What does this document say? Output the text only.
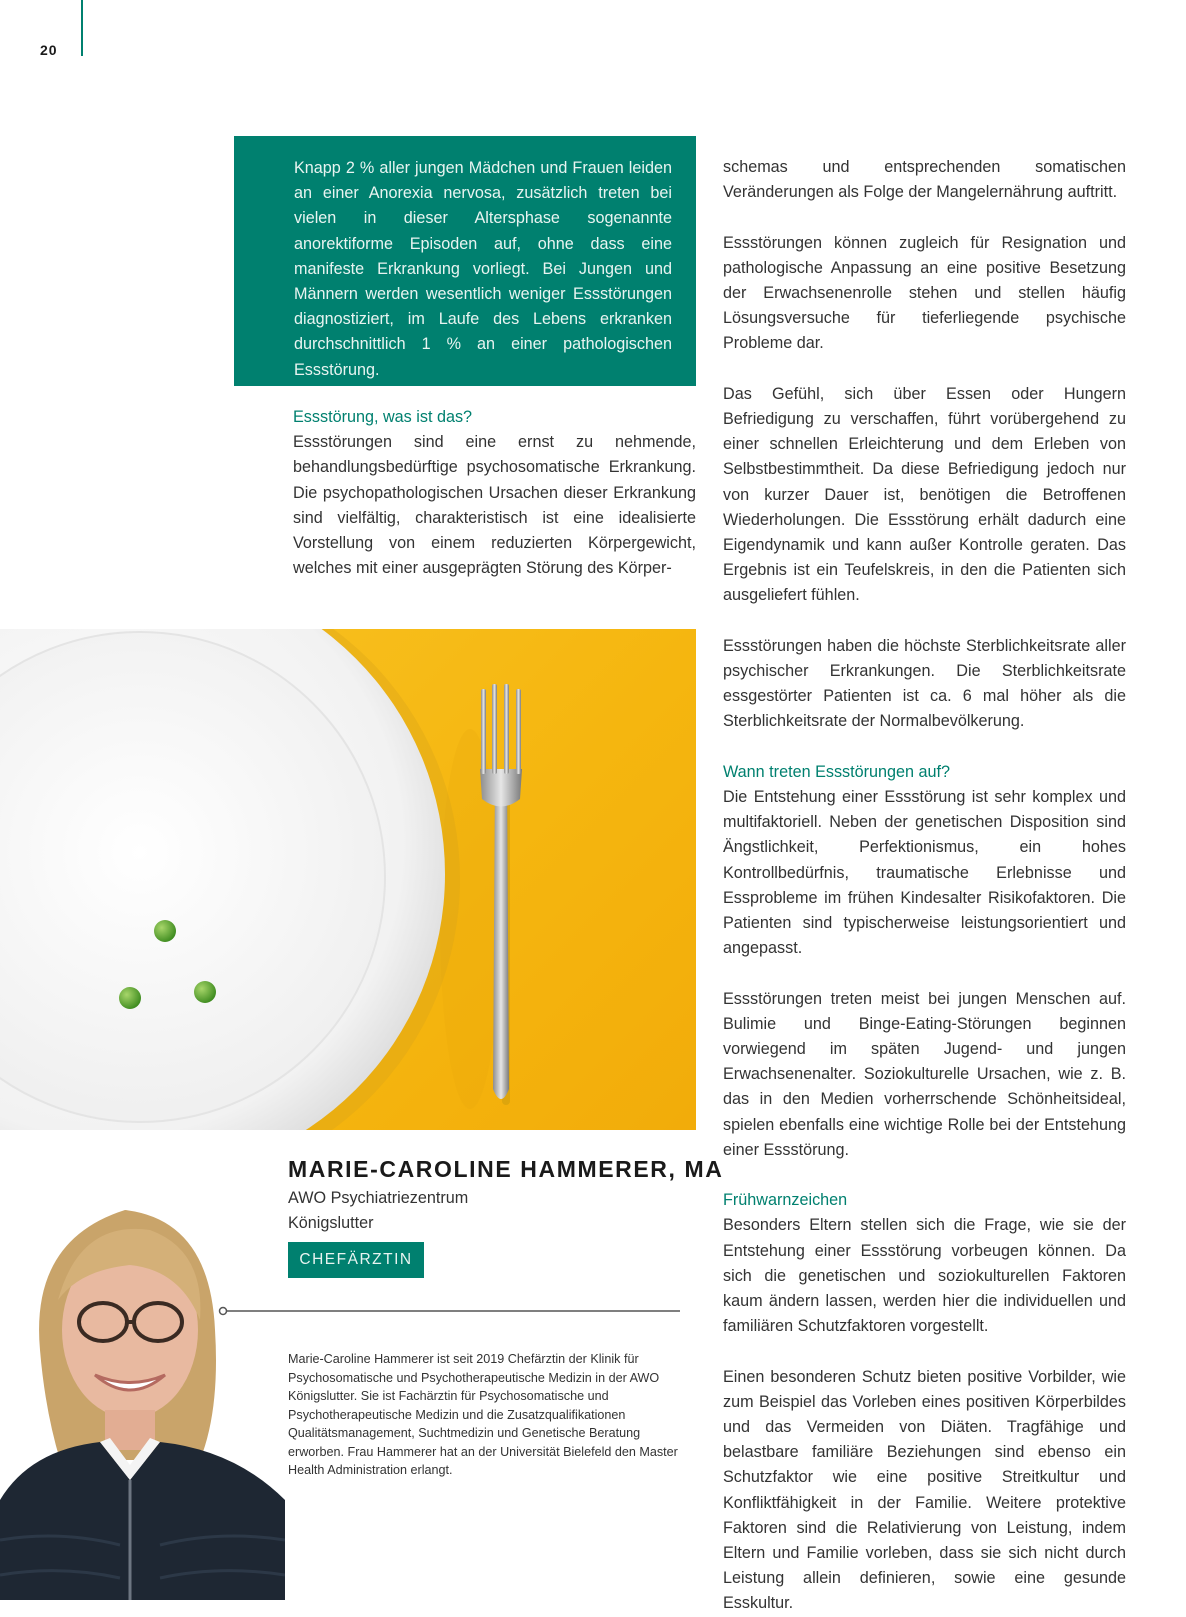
20

Knapp 2 % aller jungen Mädchen und Frauen leiden an einer Anorexia nervosa, zusätzlich treten bei vielen in dieser Altersphase sogenannte anorektiforme Episoden auf, ohne dass eine manifeste Erkrankung vorliegt. Bei Jungen und Männern werden wesentlich weniger Essstörungen diagnostiziert, im Laufe des Lebens erkranken durchschnittlich 1 % an einer pathologischen Essstörung.

Essstörung, was ist das?

Essstörungen sind eine ernst zu nehmende, behandlungsbedürftige psychosomatische Erkrankung. Die psychopathologischen Ursachen dieser Erkrankung sind vielfältig, charakteristisch ist eine idealisierte Vorstellung von einem reduzierten Körpergewicht, welches mit einer ausgeprägten Störung des Körper-

MARIE-CAROLINE HAMMERER, MA
AWO Psychiatriezentrum
Königslutter
CHEFÄRZTIN

Marie-Caroline Hammerer ist seit 2019 Chefärztin der Klinik für Psychosomatische und Psychotherapeutische Medizin in der AWO Königslutter. Sie ist Fachärztin für Psychosomatische und Psychotherapeutische Medizin und die Zusatzqualifikationen Qualitätsmanagement, Suchtmedizin und Genetische Beratung erworben. Frau Hammerer hat an der Universität Bielefeld den Master Health Administration erlangt.

schemas und entsprechenden somatischen Veränderungen als Folge der Mangelernährung auftritt.

Essstörungen können zugleich für Resignation und pathologische Anpassung an eine positive Besetzung der Erwachsenenrolle stehen und stellen häufig Lösungsversuche für tieferliegende psychische Probleme dar.

Das Gefühl, sich über Essen oder Hungern Befriedigung zu verschaffen, führt vorübergehend zu einer schnellen Erleichterung und dem Erleben von Selbstbestimmtheit. Da diese Befriedigung jedoch nur von kurzer Dauer ist, benötigen die Betroffenen Wiederholungen. Die Essstörung erhält dadurch eine Eigendynamik und kann außer Kontrolle geraten. Das Ergebnis ist ein Teufelskreis, in den die Patienten sich ausgeliefert fühlen.

Essstörungen haben die höchste Sterblichkeitsrate aller psychischer Erkrankungen. Die Sterblichkeitsrate essgestörter Patienten ist ca. 6 mal höher als die Sterblichkeitsrate der Normalbevölkerung.

Wann treten Essstörungen auf?

Die Entstehung einer Essstörung ist sehr komplex und multifaktoriell. Neben der genetischen Disposition sind Ängstlichkeit, Perfektionismus, ein hohes Kontrollbedürfnis, traumatische Erlebnisse und Essprobleme im frühen Kindesalter Risikofaktoren. Die Patienten sind typischerweise leistungsorientiert und angepasst.

Essstörungen treten meist bei jungen Menschen auf. Bulimie und Binge-Eating-Störungen beginnen vorwiegend im späten Jugend- und jungen Erwachsenenalter. Soziokulturelle Ursachen, wie z. B. das in den Medien vorherrschende Schönheitsideal, spielen ebenfalls eine wichtige Rolle bei der Entstehung einer Essstörung.

Frühwarnzeichen

Besonders Eltern stellen sich die Frage, wie sie der Entstehung einer Essstörung vorbeugen können. Da sich die genetischen und soziokulturellen Faktoren kaum ändern lassen, werden hier die individuellen und familiären Schutzfaktoren vorgestellt.

Einen besonderen Schutz bieten positive Vorbilder, wie zum Beispiel das Vorleben eines positiven Körperbildes und das Vermeiden von Diäten. Tragfähige und belastbare familiäre Beziehungen sind ebenso ein Schutzfaktor wie eine positive Streitkultur und Konfliktfähigkeit in der Familie. Weitere protektive Faktoren sind die Relativierung von Leistung, indem Eltern und Familie vorleben, dass sie sich nicht durch Leistung allein definieren, sowie eine gesunde Esskultur.
